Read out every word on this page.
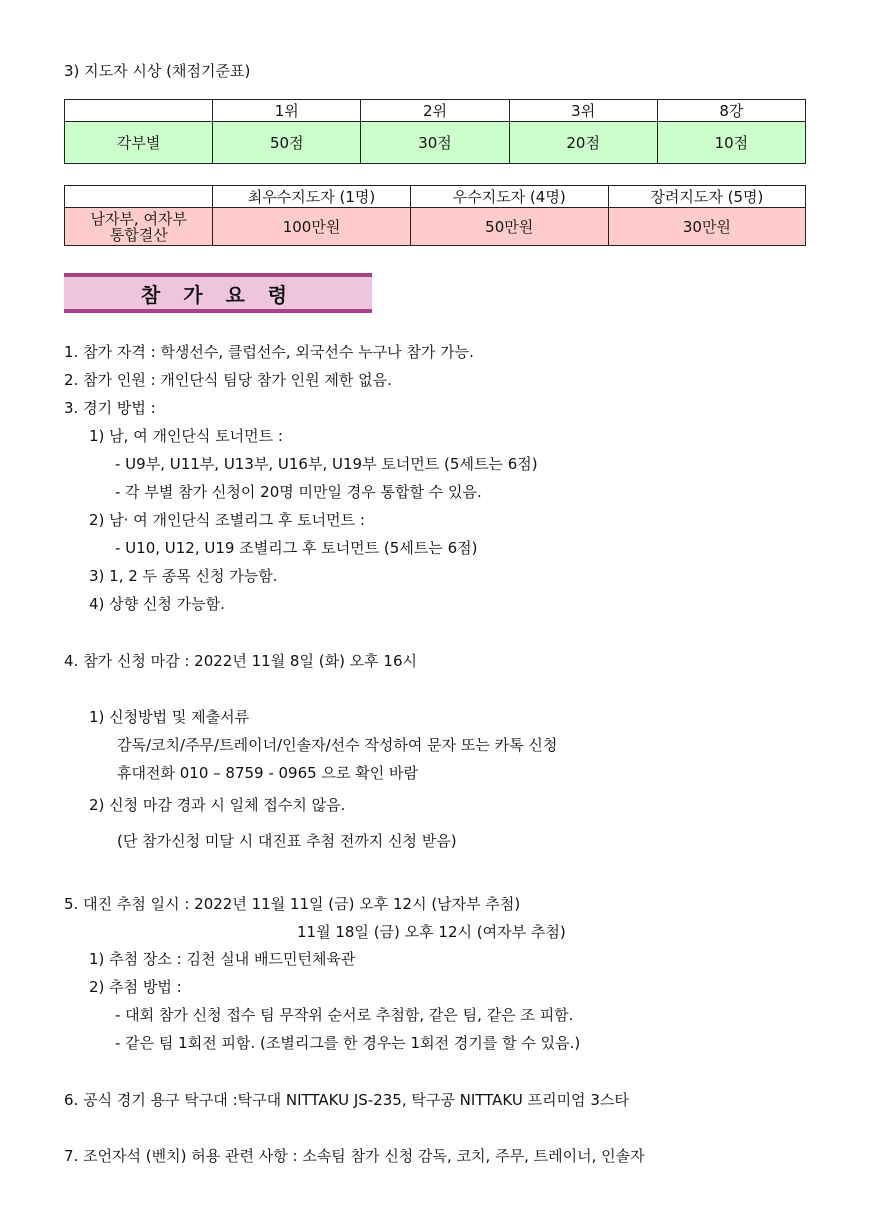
3) 지도자 시상 (채점기준표)
	1위	2위	3위	8강
각부별	50점	30점	20점	10점
	최우수지도자 (1명)	우수지도자 (4명)	장려지도자 (5명)

남자부, 여자부
통합결산	100만원	50만원	30만원
참 가 요 령
1. 참가 자격 : 학생선수, 클럽선수, 외국선수 누구나 참가 가능.
2. 참가 인원 : 개인단식 팀당 참가 인원 제한 없음.
3. 경기 방법 :
1) 남, 여 개인단식 토너먼트 :
- U9부, U11부, U13부, U16부, U19부 토너먼트 (5세트는 6점)
- 각 부별 참가 신청이 20명 미만일 경우 통합할 수 있음.
2) 남· 여 개인단식 조별리그 후 토너먼트 :
- U10, U12, U19 조별리그 후 토너먼트 (5세트는 6점)
3) 1, 2 두 종목 신청 가능함.
4) 상향 신청 가능함.
4. 참가 신청 마감 : 2022년 11월 8일 (화) 오후 16시
1) 신청방법 및 제출서류
감독/코치/주무/트레이너/인솔자/선수 작성하여 문자 또는 카톡 신청
휴대전화 010 – 8759 - 0965 으로 확인 바람
2) 신청 마감 경과 시 일체 접수치 않음.
(단 참가신청 미달 시 대진표 추첨 전까지 신청 받음)
5. 대진 추첨 일시 : 2022년 11월 11일 (금) 오후 12시 (남자부 추첨)
11월 18일 (금) 오후 12시 (여자부 추첨)
1) 추첨 장소 : 김천 실내 배드민턴체육관
2) 추첨 방법 :
- 대회 참가 신청 접수 팀 무작위 순서로 추첨함, 같은 팀, 같은 조 피함.
- 같은 팀 1회전 피함. (조별리그를 한 경우는 1회전 경기를 할 수 있음.)
6. 공식 경기 용구 탁구대 :탁구대 NITTAKU JS-235, 탁구공 NITTAKU 프리미엄 3스타
7. 조언자석 (벤치) 허용 관련 사항 : 소속팀 참가 신청 감독, 코치, 주무, 트레이너, 인솔자
